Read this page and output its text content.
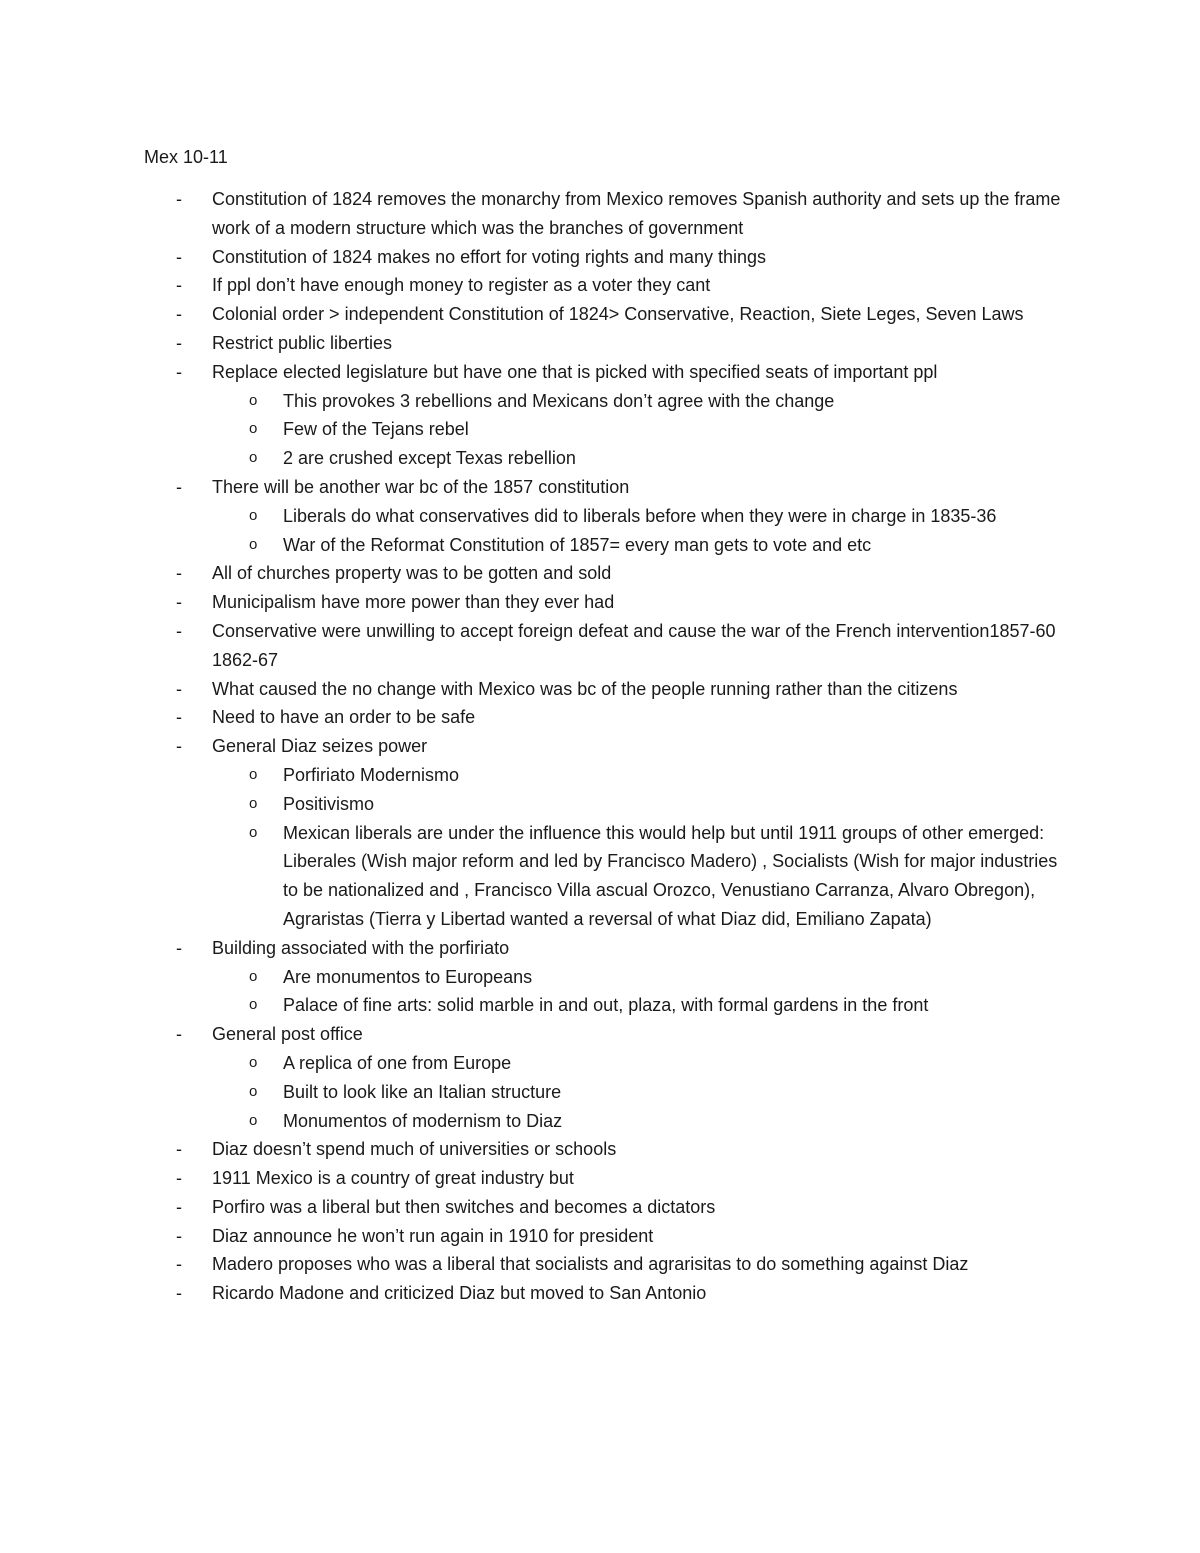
Mex 10-11
- Constitution of 1824 removes the monarchy from Mexico removes Spanish authority and sets up the frame work of a modern structure which was the branches of government
- Constitution of 1824 makes no effort for voting rights and many things
- If ppl don’t have enough money to register as a voter they cant
- Colonial order > independent Constitution of 1824> Conservative, Reaction, Siete Leges, Seven Laws
- Restrict public liberties
- Replace elected legislature but have one that is picked with specified seats of important ppl
o This provokes 3 rebellions and Mexicans don’t agree with the change
o Few of the Tejans rebel
o 2 are crushed except Texas rebellion
- There will be another war bc of the 1857 constitution
o Liberals do what conservatives did to liberals before when they were in charge in 1835-36
o War of the Reformat Constitution of 1857= every man gets to vote and etc
- All of churches property was to be gotten and sold
- Municipalism have more power than they ever had
- Conservative were unwilling to accept foreign defeat and cause the war of the French intervention1857-60 1862-67
- What caused the no change with Mexico was bc of the people running rather than the citizens
- Need to have an order to be safe
- General Diaz seizes power
o Porfiriato Modernismo
o Positivismo
o Mexican liberals are under the influence this would help but until 1911 groups of other emerged: Liberales (Wish major reform and led by Francisco Madero) , Socialists (Wish for major industries to be nationalized and , Francisco Villa ascual Orozco, Venustiano Carranza, Alvaro Obregon), Agraristas (Tierra y Libertad wanted a reversal of what Diaz did, Emiliano Zapata)
- Building associated with the porfiriato
o Are monumentos to Europeans
o Palace of fine arts: solid marble in and out, plaza, with formal gardens in the front
- General post office
o A replica of one from Europe
o Built to look like an Italian structure
o Monumentos of modernism to Diaz
- Diaz doesn’t spend much of universities or schools
- 1911 Mexico is a country of great industry but
- Porfiro was a liberal but then switches and becomes a dictators
- Diaz announce he won’t run again in 1910 for president
- Madero proposes who was a liberal that socialists and agrarisitas to do something against Diaz
- Ricardo Madone and criticized Diaz but moved to San Antonio
